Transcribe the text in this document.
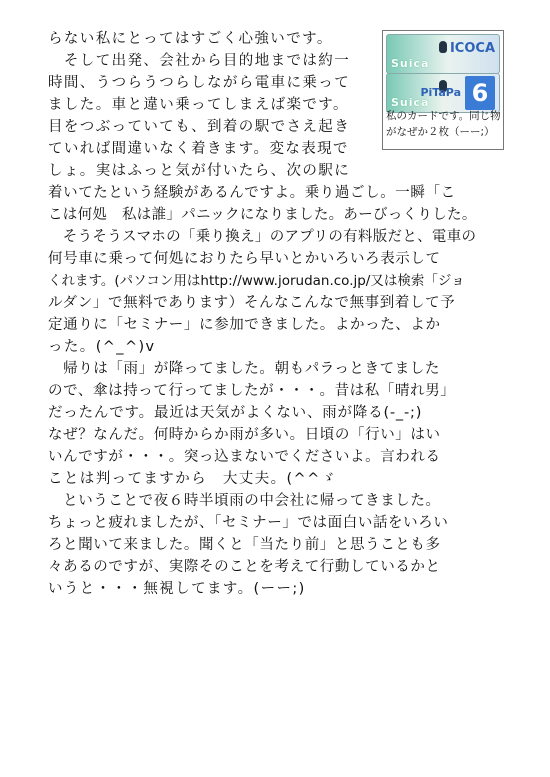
Suica
ICOCA
Suica
PiTaPa 6
私のカードです。同じ物
がなぜか２枚（ーー;）
らない私にとってはすごく心強いです。
　そして出発、会社から目的地までは約一
時間、うつらうつらしながら電車に乗って
ました。車と違い乗ってしまえば楽です。
目をつぶっていても、到着の駅でさえ起き
ていれば間違いなく着きます。変な表現で
しょ。実はふっと気が付いたら、次の駅に
着いてたという経験があるんですよ。乗り過ごし。一瞬「こ
こは何処　私は誰」パニックになりました。あーびっくりした。
　そうそうスマホの「乗り換え」のアプリの有料版だと、電車の
何号車に乗って何処におりたら早いとかいろいろ表示して
くれます。(パソコン用はhttp://www.jorudan.co.jp/又は検索「ジョ
ルダン」で無料であります）そんなこんなで無事到着して予
定通りに「セミナー」に参加できました。よかった、よか
った。(^_^)v
　帰りは「雨」が降ってました。朝もパラっときてました
ので、傘は持って行ってましたが・・・。昔は私「晴れ男」
だったんです。最近は天気がよくない、雨が降る(-_-;)
なぜ？なんだ。何時からか雨が多い。日頃の「行い」はい
いんですが・・・。突っ込まないでくださいよ。言われる
ことは判ってますから　大丈夫。(^^ゞ
　ということで夜６時半頃雨の中会社に帰ってきました。
ちょっと疲れましたが、「セミナー」では面白い話をいろい
ろと聞いて来ました。聞くと「当たり前」と思うことも多
々あるのですが、実際そのことを考えて行動しているかと
いうと・・・無視してます。(ーー;)
